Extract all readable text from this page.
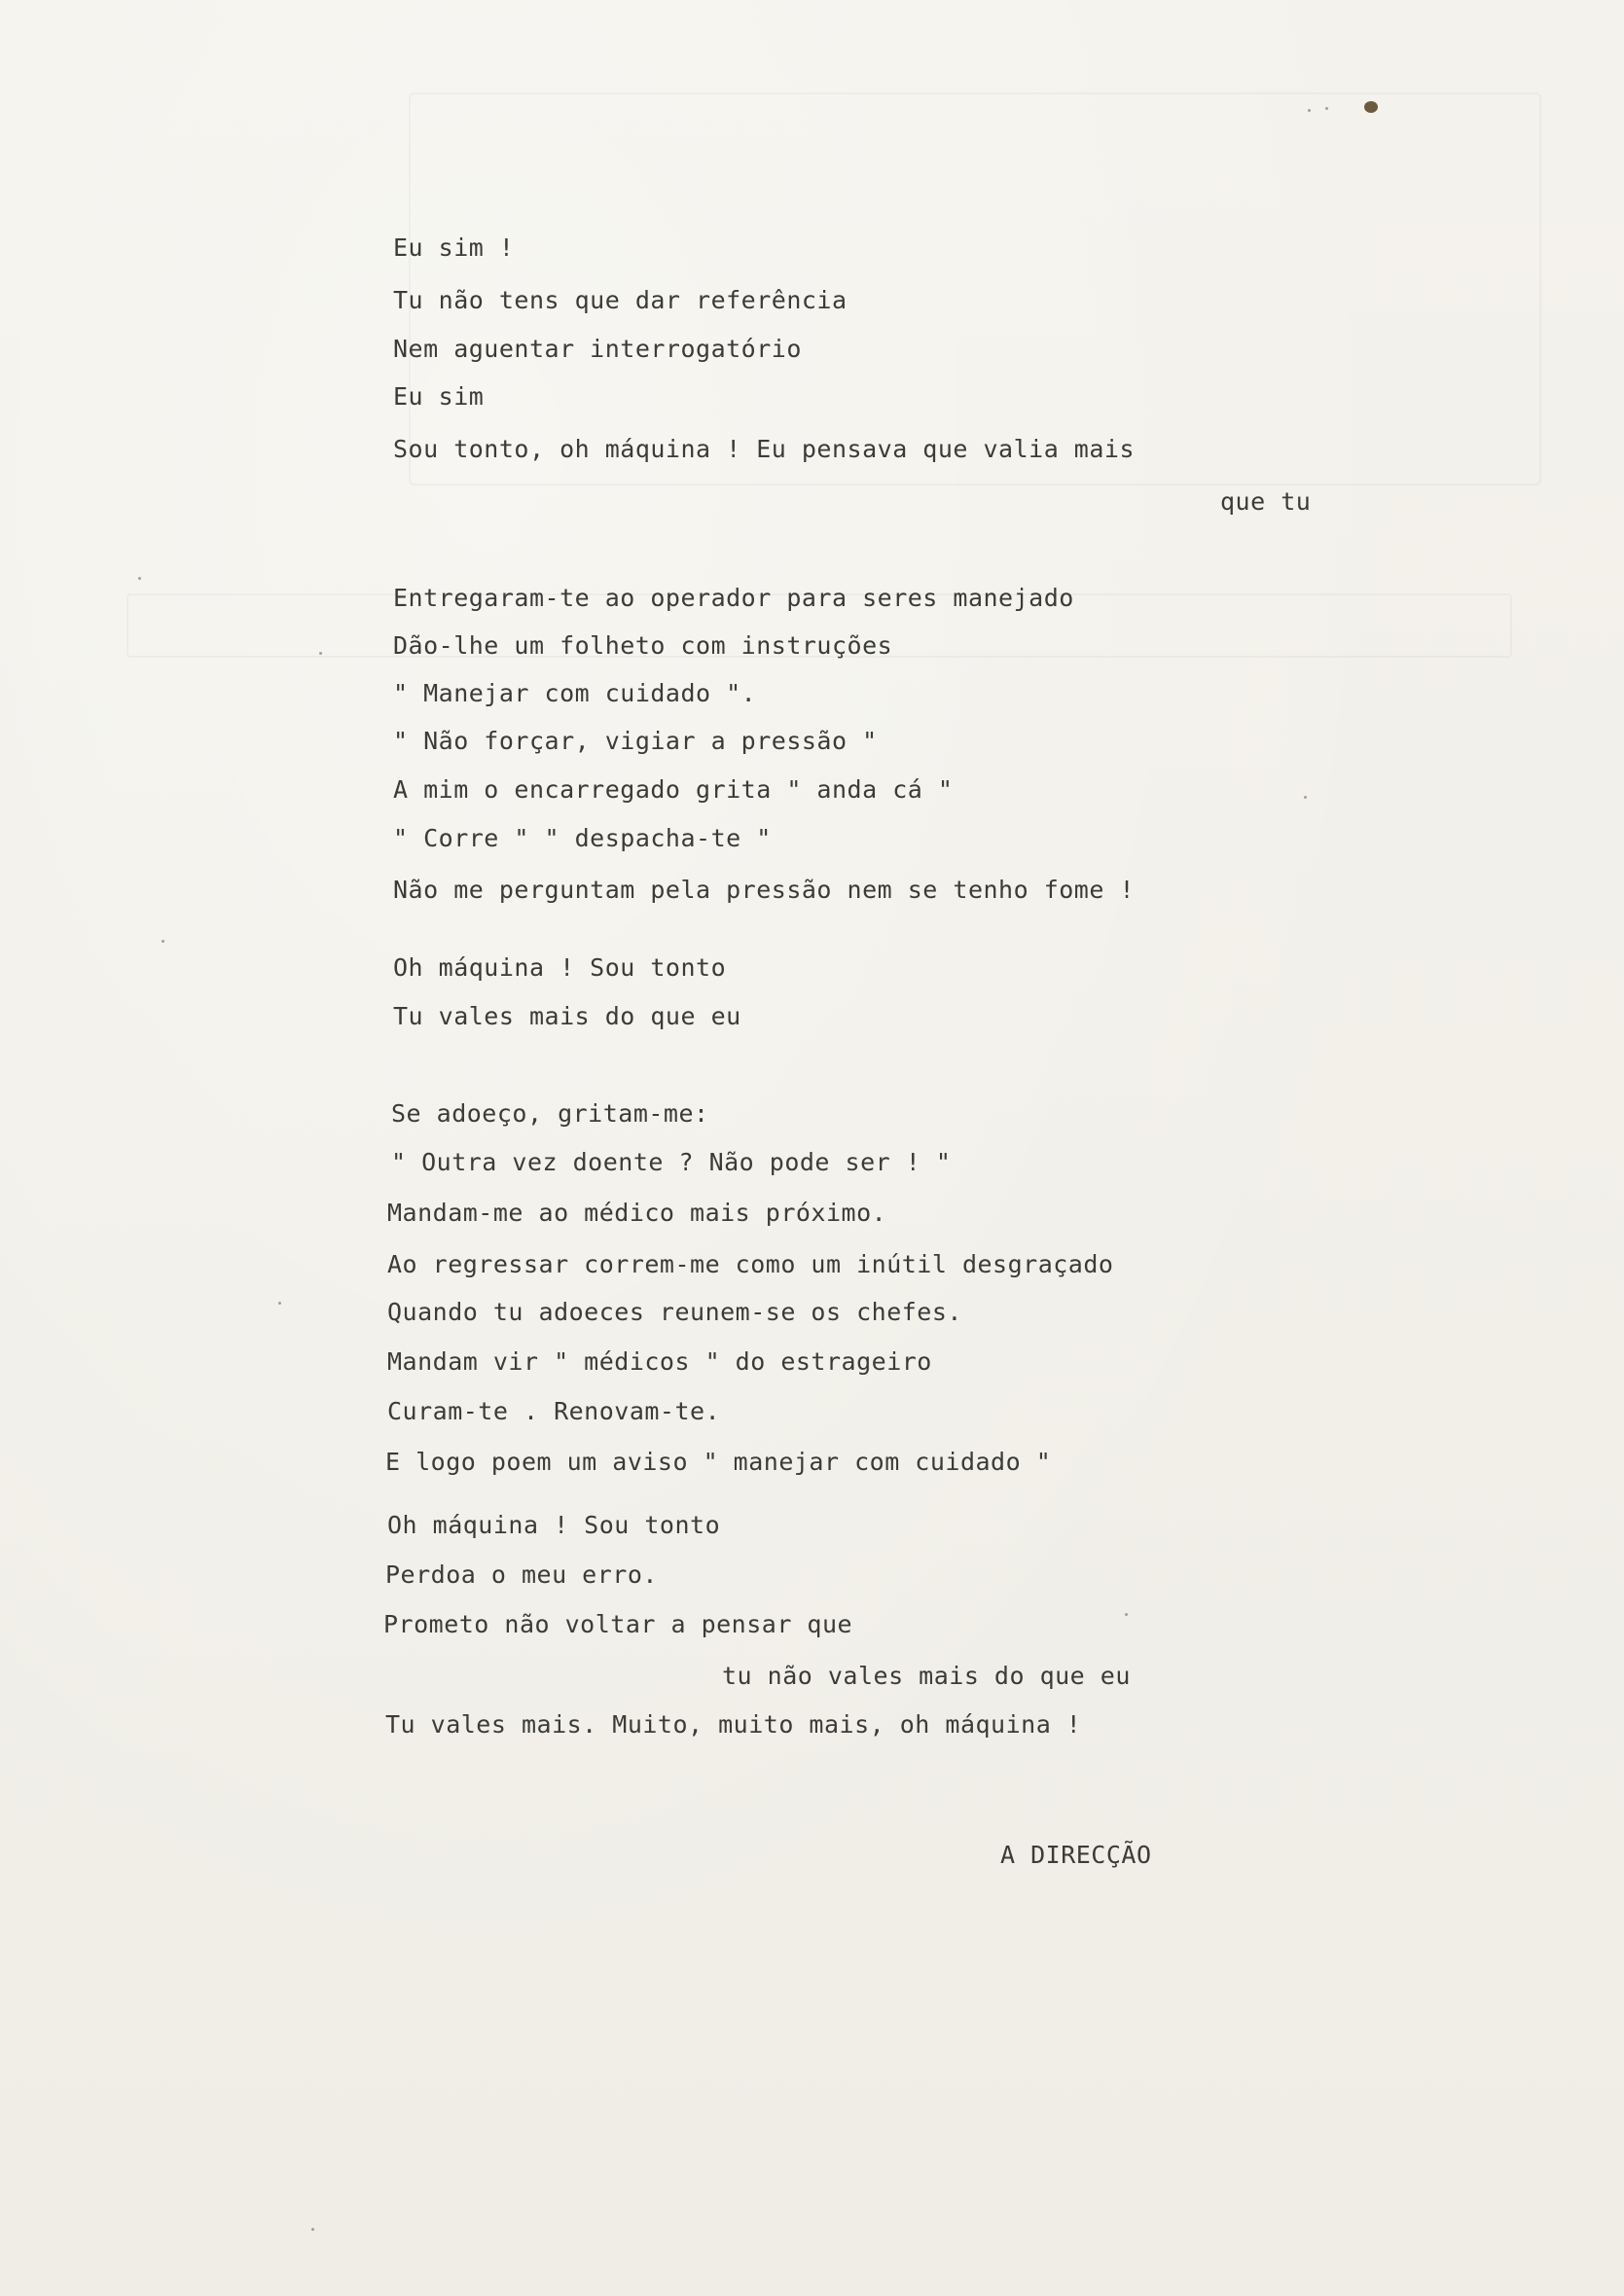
Eu sim !
Tu não tens que dar referência
Nem aguentar interrogatório
Eu sim
Sou tonto, oh máquina ! Eu pensava que valia mais
que tu
Entregaram-te ao operador para seres manejado
Dão-lhe um folheto com instruções
" Manejar com cuidado ".
" Não forçar, vigiar a pressão "
A mim o encarregado grita " anda cá "
" Corre " " despacha-te "
Não me perguntam pela pressão nem se tenho fome !
Oh máquina ! Sou tonto
Tu vales mais do que eu
Se adoeço, gritam-me:
" Outra vez doente ? Não pode ser ! "
Mandam-me ao médico mais próximo.
Ao regressar correm-me como um inútil desgraçado
Quando tu adoeces reunem-se os chefes.
Mandam vir " médicos " do estrageiro
Curam-te . Renovam-te.
E logo poem um aviso " manejar com cuidado "
Oh máquina ! Sou tonto
Perdoa o meu erro.
Prometo não voltar a pensar que
tu não vales mais do que eu
Tu vales mais. Muito, muito mais, oh máquina !
A DIRECÇÃO
